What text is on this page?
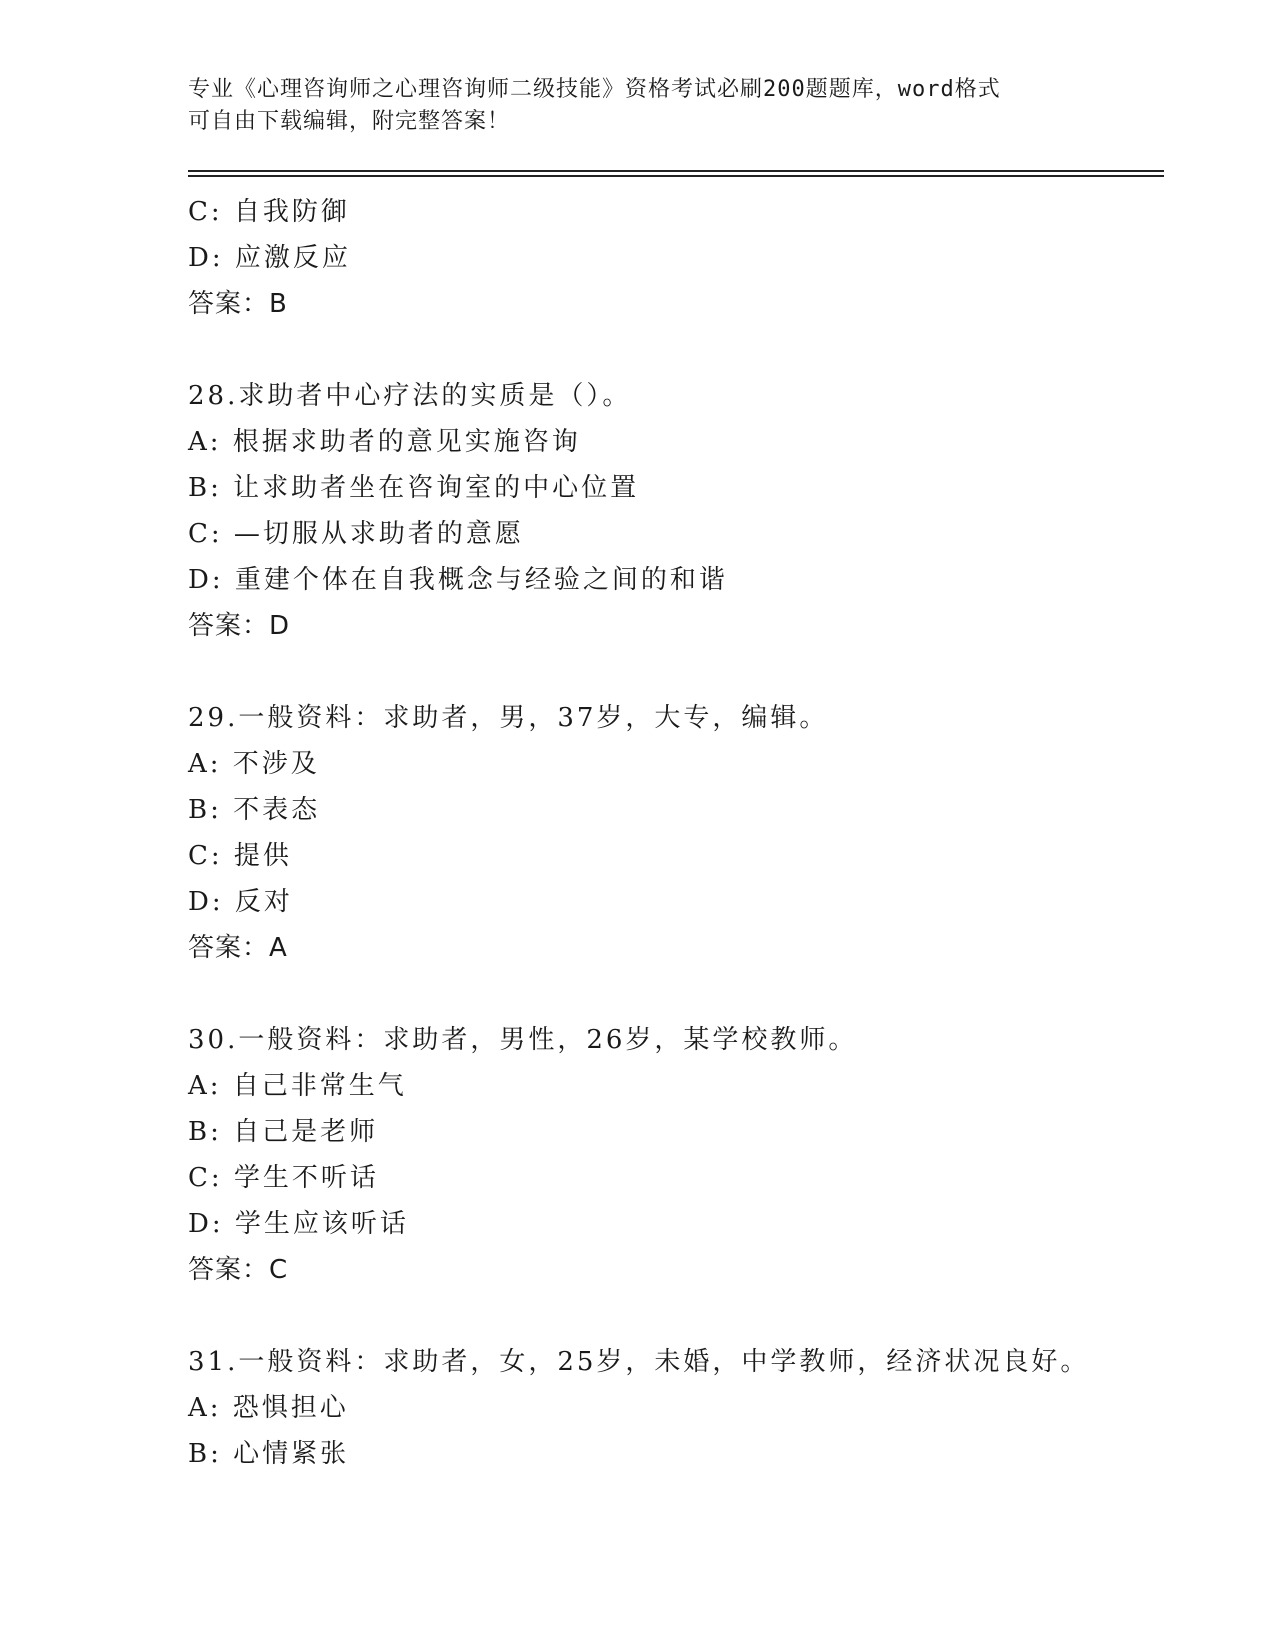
专业《心理咨询师之心理咨询师二级技能》资格考试必刷200题题库，word格式
可自由下载编辑，附完整答案！
C: 自我防御
D: 应激反应
答案：B
28.求助者中心疗法的实质是（）。
A: 根据求助者的意见实施咨询
B: 让求助者坐在咨询室的中心位置
C: —切服从求助者的意愿
D: 重建个体在自我概念与经验之间的和谐
答案：D
29.一般资料：求助者，男，37岁，大专，编辑。
A: 不涉及
B: 不表态
C: 提供
D: 反对
答案：A
30.一般资料：求助者，男性，26岁，某学校教师。
A: 自己非常生气
B: 自己是老师
C: 学生不听话
D: 学生应该听话
答案：C
31.一般资料：求助者，女，25岁，未婚，中学教师，经济状况良好。
A: 恐惧担心
B: 心情紧张
